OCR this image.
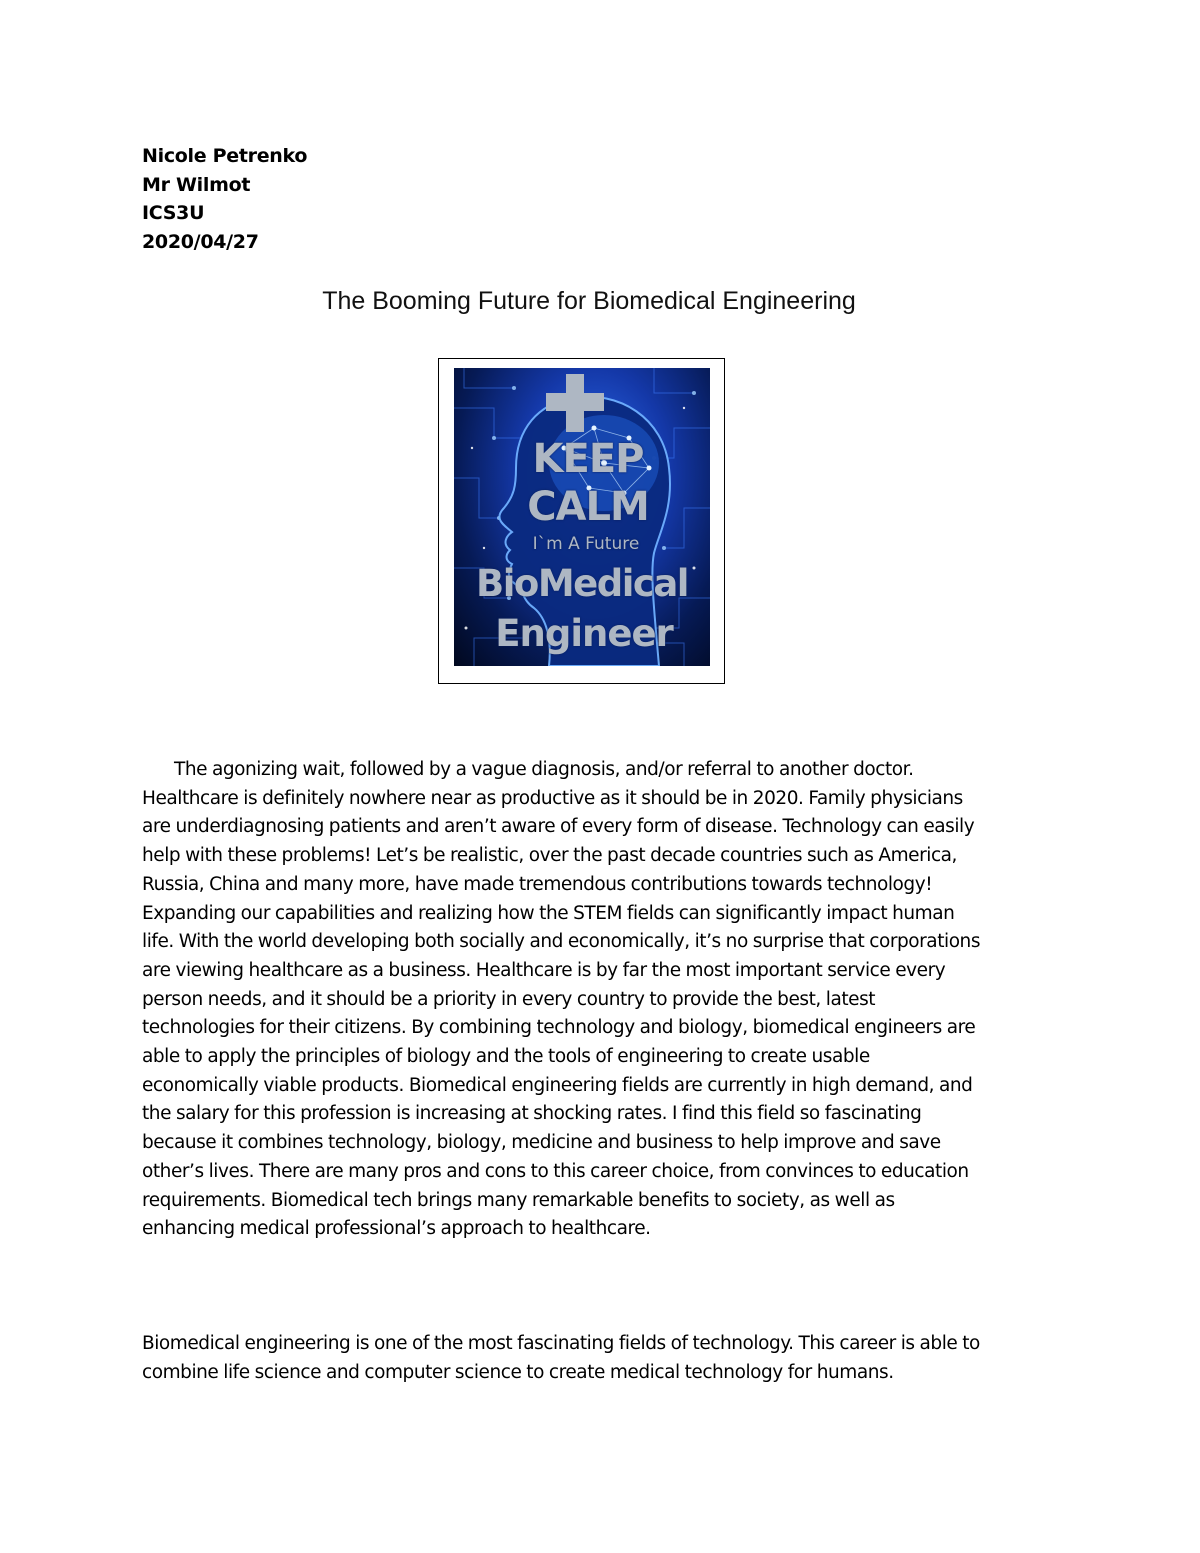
Nicole Petrenko
Mr Wilmot
ICS3U
2020/04/27
The Booming Future for Biomedical Engineering
KEEP
CALM
I`m A Future
BioMedical
Engineer

The agonizing wait, followed by a vague diagnosis, and/or referral to another doctor.
Healthcare is definitely nowhere near as productive as it should be in 2020. Family physicians
are underdiagnosing patients and aren’t aware of every form of disease. Technology can easily
help with these problems! Let’s be realistic, over the past decade countries such as America,
Russia, China and many more, have made tremendous contributions towards technology!
Expanding our capabilities and realizing how the STEM fields can significantly impact human
life. With the world developing both socially and economically, it’s no surprise that corporations
are viewing healthcare as a business. Healthcare is by far the most important service every
person needs, and it should be a priority in every country to provide the best, latest
technologies for their citizens. By combining technology and biology, biomedical engineers are
able to apply the principles of biology and the tools of engineering to create usable
economically viable products. Biomedical engineering fields are currently in high demand, and
the salary for this profession is increasing at shocking rates. I find this field so fascinating
because it combines technology, biology, medicine and business to help improve and save
other’s lives. There are many pros and cons to this career choice, from convinces to education
requirements. Biomedical tech brings many remarkable benefits to society, as well as
enhancing medical professional’s approach to healthcare.

Biomedical engineering is one of the most fascinating fields of technology. This career is able to
combine life science and computer science to create medical technology for humans.
